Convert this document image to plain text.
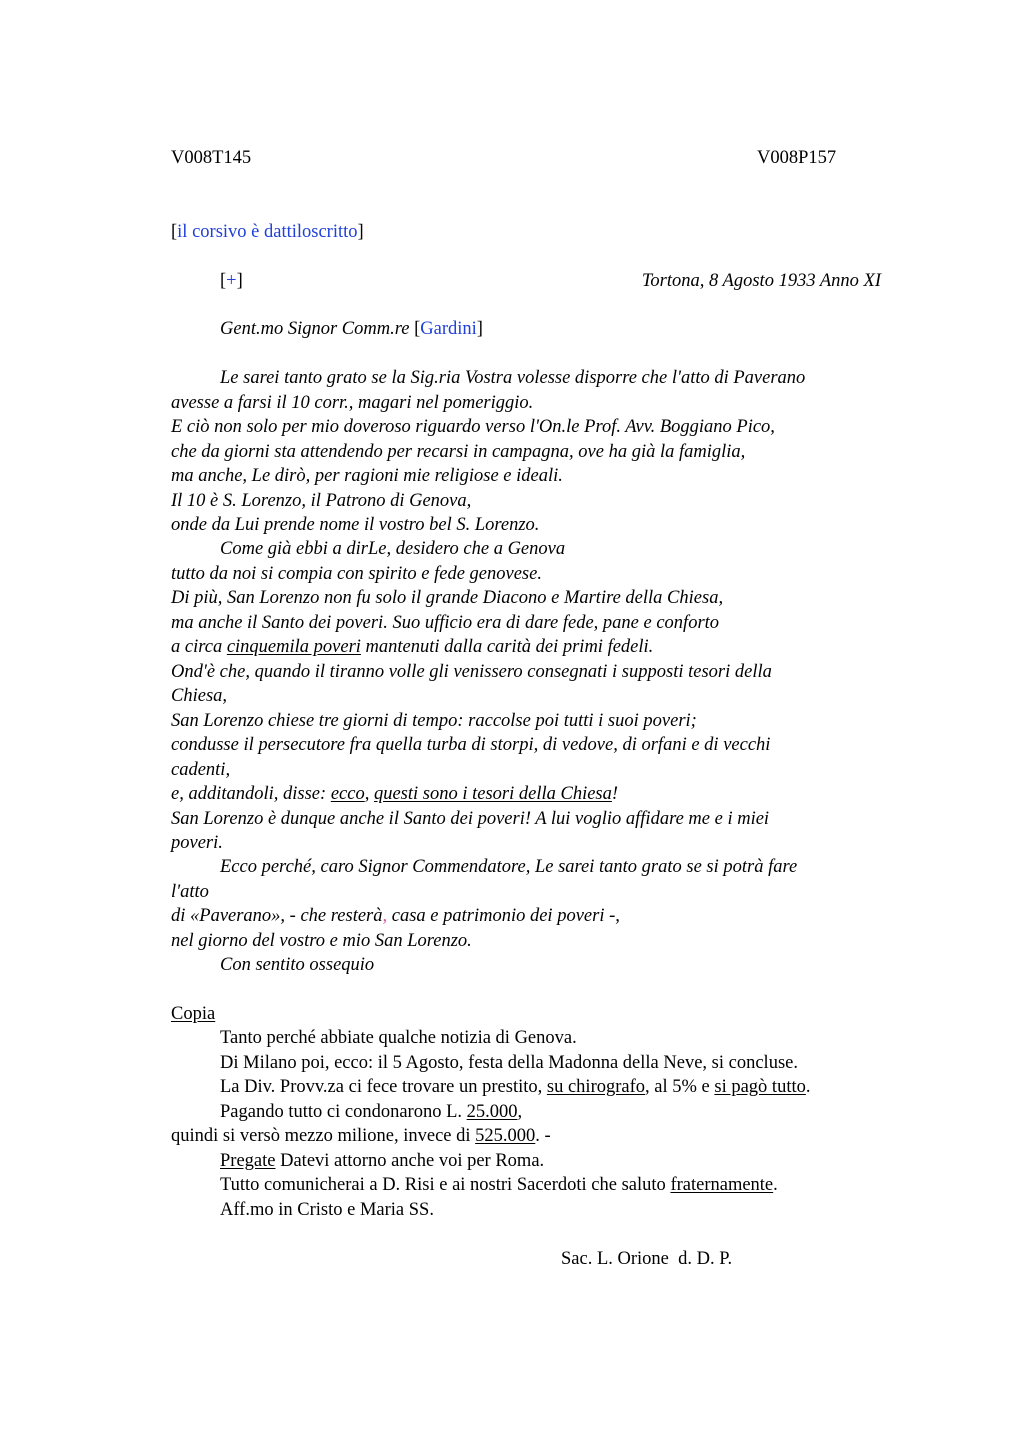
V008T145	V008P157
[il corsivo è dattiloscritto]
[+]	Tortona, 8 Agosto 1933 Anno XI
Gent.mo Signor Comm.re [Gardini]
Le sarei tanto grato se la Sig.ria Vostra volesse disporre che l'atto di Paverano
avesse a farsi il 10 corr., magari nel pomeriggio.
E ciò non solo per mio doveroso riguardo verso l'On.le Prof. Avv. Boggiano Pico,
che da giorni sta attendendo per recarsi in campagna, ove ha già la famiglia,
ma anche, Le dirò, per ragioni mie religiose e ideali.
Il 10 è S. Lorenzo, il Patrono di Genova,
onde da Lui prende nome il vostro bel S. Lorenzo.
Come già ebbi a dirLe, desidero che a Genova
tutto da noi si compia con spirito e fede genovese.
Di più, San Lorenzo non fu solo il grande Diacono e Martire della Chiesa,
ma anche il Santo dei poveri. Suo ufficio era di dare fede, pane e conforto
a circa cinquemila poveri mantenuti dalla carità dei primi fedeli.
Ond'è che, quando il tiranno volle gli venissero consegnati i supposti tesori della
Chiesa,
San Lorenzo chiese tre giorni di tempo: raccolse poi tutti i suoi poveri;
condusse il persecutore fra quella turba di storpi, di vedove, di orfani e di vecchi
cadenti,
e, additandoli, disse: ecco, questi sono i tesori della Chiesa!
San Lorenzo è dunque anche il Santo dei poveri! A lui voglio affidare me e i miei
poveri.
Ecco perché, caro Signor Commendatore, Le sarei tanto grato se si potrà fare
l'atto
di «Paverano», - che resterà, casa e patrimonio dei poveri -,
nel giorno del vostro e mio San Lorenzo.
Con sentito ossequio
Copia
Tanto perché abbiate qualche notizia di Genova.
Di Milano poi, ecco: il 5 Agosto, festa della Madonna della Neve, si concluse.
La Div. Provv.za ci fece trovare un prestito, su chirografo, al 5% e si pagò tutto.
Pagando tutto ci condonarono L. 25.000,
quindi si versò mezzo milione, invece di 525.000. -
Pregate Datevi attorno anche voi per Roma.
Tutto comunicherai a D. Risi e ai nostri Sacerdoti che saluto fraternamente.
Aff.mo in Cristo e Maria SS.
Sac. L. Orione  d. D. P.
